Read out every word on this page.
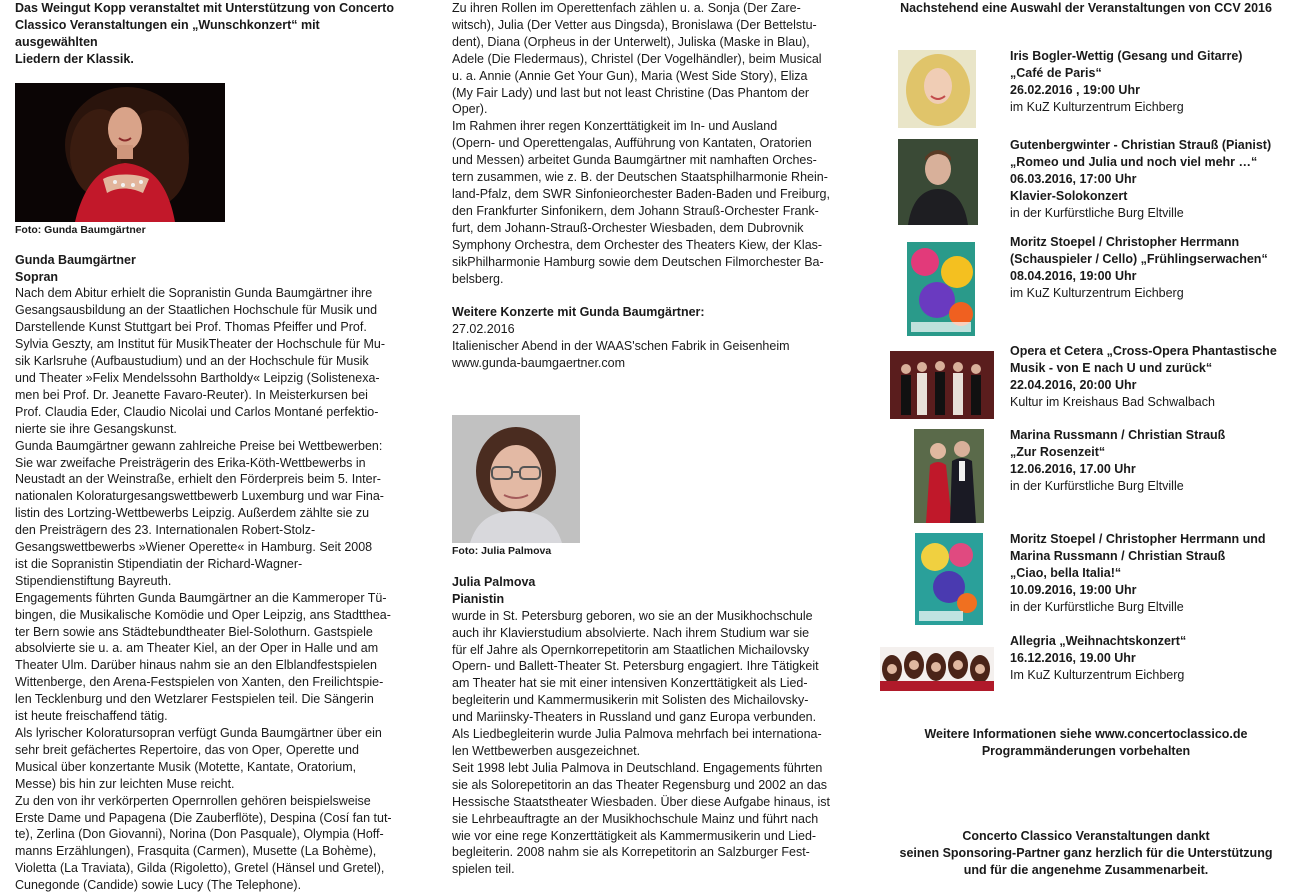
Das Weingut Kopp veranstaltet mit Unterstützung von Concerto
Classico Veranstaltungen ein „Wunschkonzert“ mit ausgewählten
Liedern der Klassik.

Foto: Gunda Baumgärtner

Gunda Baumgärtner

Sopran

Nach dem Abitur erhielt die Sopranistin Gunda Baumgärtner ihre
Gesangsausbildung an der Staatlichen Hochschule für Musik und
Darstellende Kunst Stuttgart bei Prof. Thomas Pfeiffer und Prof.
Sylvia Geszty, am Institut für MusikTheater der Hochschule für Mu-
sik Karlsruhe (Aufbaustudium) und an der Hochschule für Musik
und Theater »Felix Mendelssohn Bartholdy« Leipzig (Solistenexa-
men bei Prof. Dr. Jeanette Favaro-Reuter). In Meisterkursen bei
Prof. Claudia Eder, Claudio Nicolai und Carlos Montané perfektio-
nierte sie ihre Gesangskunst.
Gunda Baumgärtner gewann zahlreiche Preise bei Wettbewerben:
Sie war zweifache Preisträgerin des Erika-Köth-Wettbewerbs in
Neustadt an der Weinstraße, erhielt den Förderpreis beim 5. Inter-
nationalen Koloraturgesangswettbewerb Luxemburg und war Fina-
listin des Lortzing-Wettbewerbs Leipzig. Außerdem zählte sie zu
den Preisträgern des 23. Internationalen Robert-Stolz-
Gesangswettbewerbs »Wiener Operette« in Hamburg. Seit 2008
ist die Sopranistin Stipendiatin der Richard-Wagner-
Stipendienstiftung Bayreuth.
Engagements führten Gunda Baumgärtner an die Kammeroper Tü-
bingen, die Musikalische Komödie und Oper Leipzig, ans Stadtthea-
ter Bern sowie ans Städtebundtheater Biel-Solothurn. Gastspiele
absolvierte sie u. a. am Theater Kiel, an der Oper in Halle und am
Theater Ulm. Darüber hinaus nahm sie an den Elblandfestspielen
Wittenberge, den Arena-Festspielen von Xanten, den Freilichtspie-
len Tecklenburg und den Wetzlarer Festspielen teil. Die Sängerin
ist heute freischaffend tätig.
Als lyrischer Koloratursopran verfügt Gunda Baumgärtner über ein
sehr breit gefächertes Repertoire, das von Oper, Operette und
Musical über konzertante Musik (Motette, Kantate, Oratorium,
Messe) bis hin zur leichten Muse reicht.
Zu den von ihr verkörperten Opernrollen gehören beispielsweise
Erste Dame und Papagena (Die Zauberflöte), Despina (Cosí fan tut-
te), Zerlina (Don Giovanni), Norina (Don Pasquale), Olympia (Hoff-
manns Erzählungen), Frasquita (Carmen), Musette (La Bohème),
Violetta (La Traviata), Gilda (Rigoletto), Gretel (Hänsel und Gretel),
Cunegonde (Candide) sowie Lucy (The Telephone).

Zu ihren Rollen im Operettenfach zählen u. a. Sonja (Der Zare-
witsch), Julia (Der Vetter aus Dingsda), Bronislawa (Der Bettelstu-
dent), Diana (Orpheus in der Unterwelt), Juliska (Maske in Blau),
Adele (Die Fledermaus), Christel (Der Vogelhändler), beim Musical
u. a. Annie (Annie Get Your Gun), Maria (West Side Story), Eliza
(My Fair Lady) und last but not least Christine (Das Phantom der
Oper).
Im Rahmen ihrer regen Konzerttätigkeit im In- und Ausland
(Opern- und Operettengalas, Aufführung von Kantaten, Oratorien
und Messen) arbeitet Gunda Baumgärtner mit namhaften Orches-
tern zusammen, wie z. B. der Deutschen Staatsphilharmonie Rhein-
land-Pfalz, dem SWR Sinfonieorchester Baden-Baden und Freiburg,
den Frankfurter Sinfonikern, dem Johann Strauß-Orchester Frank-
furt, dem Johann-Strauß-Orchester Wiesbaden, dem Dubrovnik
Symphony Orchestra, dem Orchester des Theaters Kiew, der Klas-
sikPhilharmonie Hamburg sowie dem Deutschen Filmorchester Ba-
belsberg.

Weitere Konzerte mit Gunda Baumgärtner:

27.02.2016

Italienischer Abend in der WAAS'schen Fabrik in Geisenheim

www.gunda-baumgaertner.com

Foto: Julia Palmova

Julia Palmova

Pianistin

wurde in St. Petersburg geboren, wo sie an der Musikhochschule
auch ihr Klavierstudium absolvierte. Nach ihrem Studium war sie
für elf Jahre als Opernkorrepetitorin am Staatlichen Michailovsky
Opern- und Ballett-Theater St. Petersburg engagiert. Ihre Tätigkeit
am Theater hat sie mit einer intensiven Konzerttätigkeit als Lied-
begleiterin und Kammermusikerin mit Solisten des Michailovsky-
und Mariinsky-Theaters in Russland und ganz Europa verbunden.
Als Liedbegleiterin wurde Julia Palmova mehrfach bei internationa-
len Wettbewerben ausgezeichnet.
Seit 1998 lebt Julia Palmova in Deutschland. Engagements führten
sie als Solorepetitorin an das Theater Regensburg und 2002 an das
Hessische Staatstheater Wiesbaden. Über diese Aufgabe hinaus, ist
sie Lehrbeauftragte an der Musikhochschule Mainz und führt nach
wie vor eine rege Konzerttätigkeit als Kammermusikerin und Lied-
begleiterin. 2008 nahm sie als Korrepetitorin an Salzburger Fest-
spielen teil.

Nachstehend eine Auswahl der Veranstaltungen von CCV 2016

Iris Bogler-Wettig (Gesang und Gitarre)
„Café de Paris“
26.02.2016 , 19:00 Uhr
im KuZ Kulturzentrum Eichberg
Gutenbergwinter - Christian Strauß (Pianist)
„Romeo und Julia und noch viel mehr …“
06.03.2016, 17:00 Uhr
Klavier-Solokonzert
in der Kurfürstliche Burg Eltville
Moritz Stoepel / Christopher Herrmann
(Schauspieler / Cello) „Frühlingserwachen“
08.04.2016, 19:00 Uhr
im KuZ Kulturzentrum Eichberg
Opera et Cetera „Cross-Opera Phantastische
Musik - von E nach U und zurück“
22.04.2016, 20:00 Uhr
Kultur im Kreishaus Bad Schwalbach
Marina Russmann / Christian Strauß
„Zur Rosenzeit“
12.06.2016, 17.00 Uhr
in der Kurfürstliche Burg Eltville
Moritz Stoepel / Christopher Herrmann und
Marina Russmann / Christian Strauß
„Ciao, bella Italia!“
10.09.2016, 19:00 Uhr
in der Kurfürstliche Burg Eltville
Allegria „Weihnachtskonzert“
16.12.2016, 19.00 Uhr
Im KuZ Kulturzentrum Eichberg
Weitere Informationen siehe www.concertoclassico.de
Programmänderungen vorbehalten
Concerto Classico Veranstaltungen dankt
seinen Sponsoring-Partner ganz herzlich für die Unterstützung
und für die angenehme Zusammenarbeit.
